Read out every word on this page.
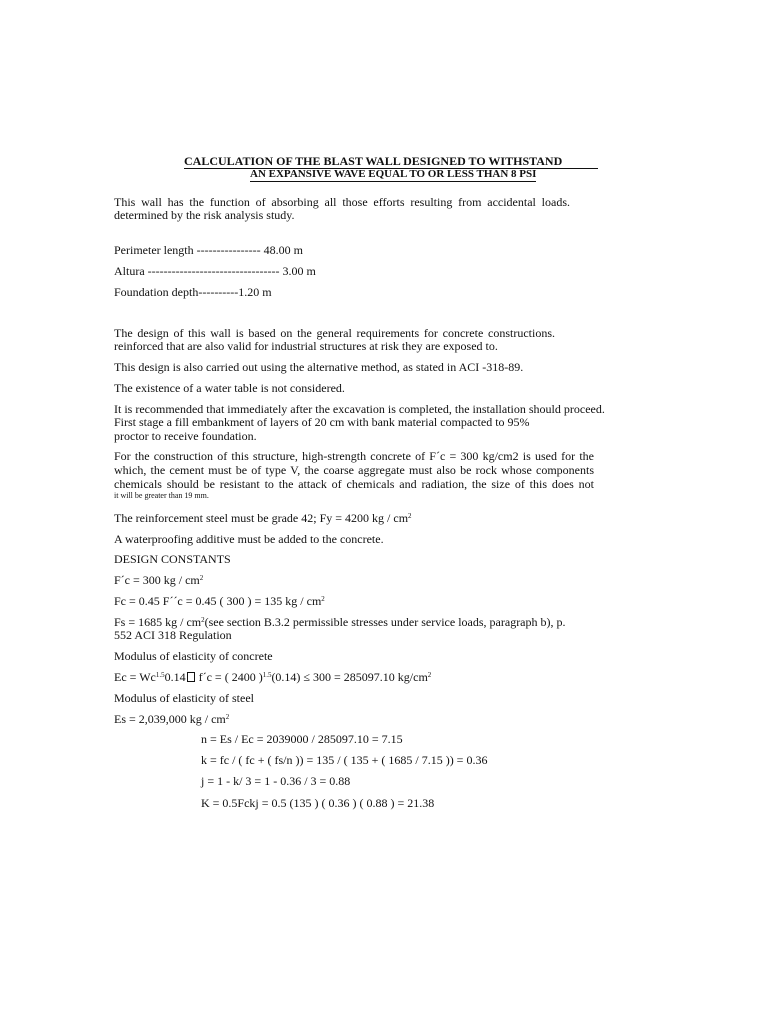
CALCULATION OF THE BLAST WALL DESIGNED TO WITHSTAND
AN EXPANSIVE WAVE EQUAL TO OR LESS THAN 8 PSI
This wall has the function of absorbing all those efforts resulting from accidental loads.
determined by the risk analysis study.
Perimeter length ---------------- 48.00 m
Altura --------------------------------- 3.00 m
Foundation depth----------1.20 m
The design of this wall is based on the general requirements for concrete constructions.
reinforced that are also valid for industrial structures at risk they are exposed to.
This design is also carried out using the alternative method, as stated in ACI -318-89.
The existence of a water table is not considered.
It is recommended that immediately after the excavation is completed, the installation should proceed.
First stage a fill embankment of layers of 20 cm with bank material compacted to 95%
proctor to receive foundation.
For the construction of this structure, high-strength concrete of F´c = 300 kg/cm2 is used for the
which, the cement must be of type V, the coarse aggregate must also be rock whose components
chemicals should be resistant to the attack of chemicals and radiation, the size of this does not
it will be greater than 19 mm.
The reinforcement steel must be grade 42; Fy = 4200 kg / $cm^2$
A waterproofing additive must be added to the concrete.
DESIGN CONSTANTS
F´c = 300 kg / $cm^2$
Fc = 0.45 F´´c = 0.45 ( 300 ) = 135 kg / $cm^2$
Fs = 1685 kg / $cm^2(see$ section B.3.2 permissible stresses under service loads, paragraph b), p.
552 ACI 318 Regulation
Modulus of elasticity of concrete
$Ec = Wc^{1.5}0.14$ f´c = ( 2400 )$^{1.5}$(0.14) ≤ 300 = 285097.10 $kg/cm^2$
Modulus of elasticity of steel
Es = 2,039,000 kg / $cm^2$
n = Es / Ec = 2039000 / 285097.10 = 7.15
k = fc / ( fc + ( fs/n )) = 135 / ( 135 + ( 1685 / 7.15 )) = 0.36
j = 1 - k/ 3 = 1 - 0.36 / 3 = 0.88
K = 0.5Fckj = 0.5 (135 ) ( 0.36 ) ( 0.88 ) = 21.38
